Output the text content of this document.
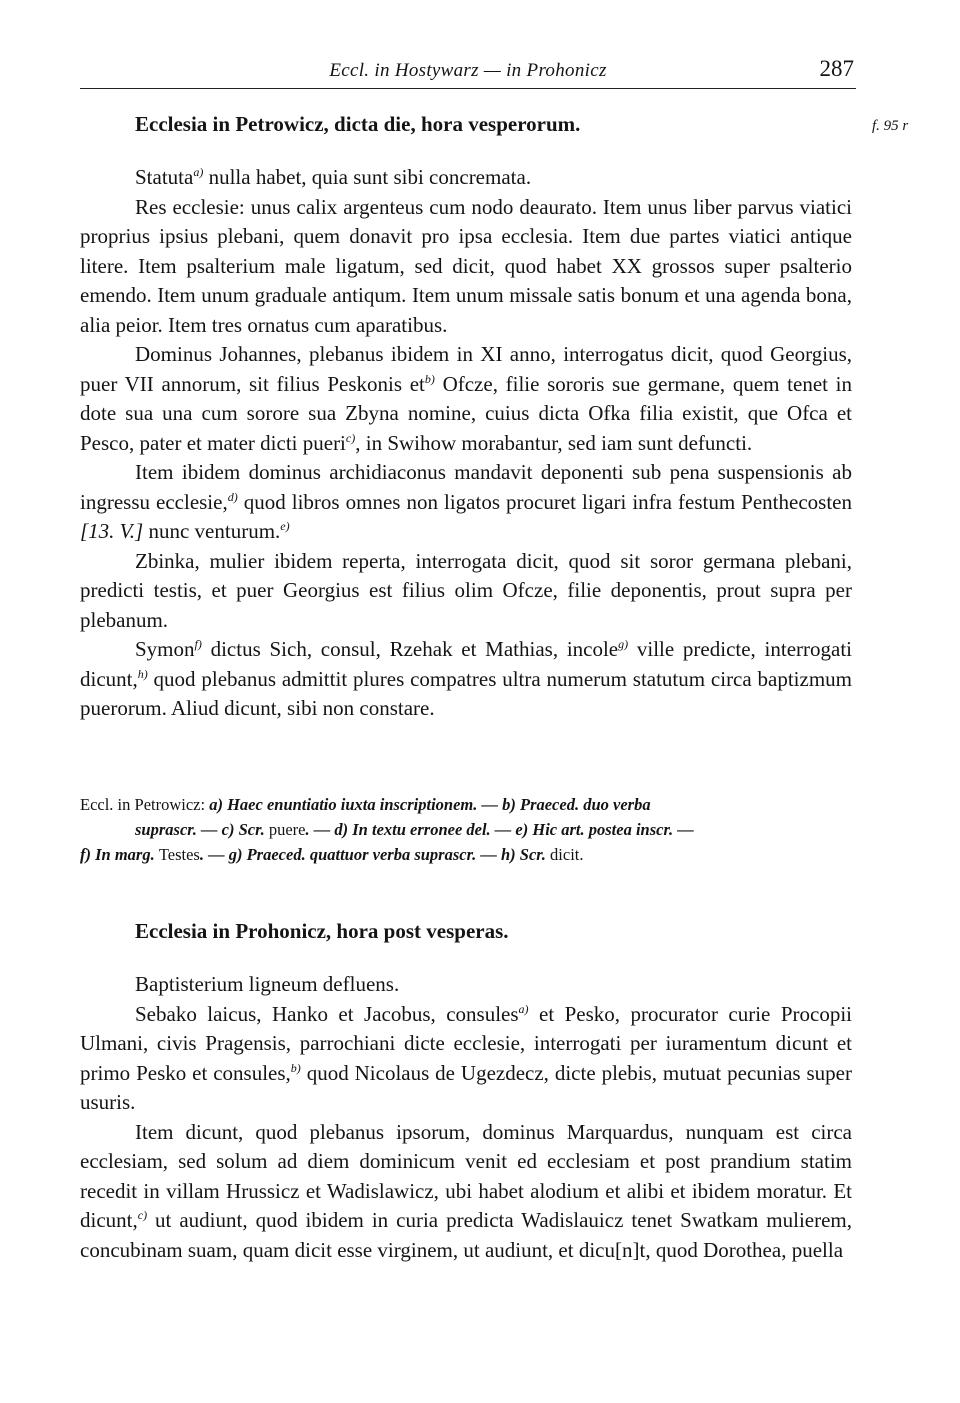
Eccl. in Hostywarz — in Prohonicz	287
f. 95 r
Ecclesia in Petrowicz, dicta die, hora vesperorum.

Statuta$^{a)}$ nulla habet, quia sunt sibi concremata.

Res ecclesie: unus calix argenteus cum nodo deaurato. Item unus liber parvus viatici proprius ipsius plebani, quem donavit pro ipsa ecclesia. Item due partes viatici antique litere. Item psalterium male ligatum, sed dicit, quod habet XX grossos super psalterio emendo. Item unum graduale antiqum. Item unum missale satis bonum et una agenda bona, alia peior. Item tres ornatus cum aparatibus.

Dominus Johannes, plebanus ibidem in XI anno, interrogatus dicit, quod Georgius, puer VII annorum, sit filius Peskonis $et^{b)}$ Ofcze, filie sororis sue germane, quem tenet in dote sua una cum sorore sua Zbyna nomine, cuius dicta Ofka filia existit, que Ofca et Pesco, pater et mater dicti pueri$^{c)}$, in Swihow morabantur, sed iam sunt defuncti.

Item ibidem dominus archidiaconus mandavit deponenti sub pena suspensionis ab ingressu ecclesie,$^{d)}$ quod libros omnes non ligatos procuret ligari infra festum Penthecosten [13. V.] nunc venturum.$^{e)}$

Zbinka, mulier ibidem reperta, interrogata dicit, quod sit soror germana plebani, predicti testis, et puer Georgius est filius olim Ofcze, filie deponentis, prout supra per plebanum.

Symon$^{f)}$ dictus Sich, consul, Rzehak et Mathias, incole$^{g)}$ ville predicte, interrogati dicunt,$^{h)}$ quod plebanus admittit plures compatres ultra numerum statutum circa baptizmum puerorum. Aliud dicunt, sibi non constare.

Eccl. in Petrowicz: a) Haec enuntiatio iuxta inscriptionem. — b) Praeced. duo verba
suprascr. — c) Scr. puere. — d) In textu erronee del. — e) Hic art. postea inscr. —
f) In marg. Testes. — g) Praeced. quattuor verba suprascr. — h) Scr. dicit.
Ecclesia in Prohonicz, hora post vesperas.

Baptisterium ligneum defluens.

Sebako laicus, Hanko et Jacobus, consules$^{a)}$ et Pesko, procurator curie Procopii Ulmani, civis Pragensis, parrochiani dicte ecclesie, interrogati per iuramentum dicunt et primo Pesko et consules,$^{b)}$ quod Nicolaus de Ugezdecz, dicte plebis, mutuat pecunias super usuris.

Item dicunt, quod plebanus ipsorum, dominus Marquardus, nunquam est circa ecclesiam, sed solum ad diem dominicum venit ed ecclesiam et post prandium statim recedit in villam Hrussicz et Wadislawicz, ubi habet alodium et alibi et ibidem moratur. Et dicunt,$^{c)}$ ut audiunt, quod ibidem in curia predicta Wadislauicz tenet Swatkam mulierem, concubinam suam, quam dicit esse virginem, ut audiunt, et dicu[n]t, quod Dorothea, puella
